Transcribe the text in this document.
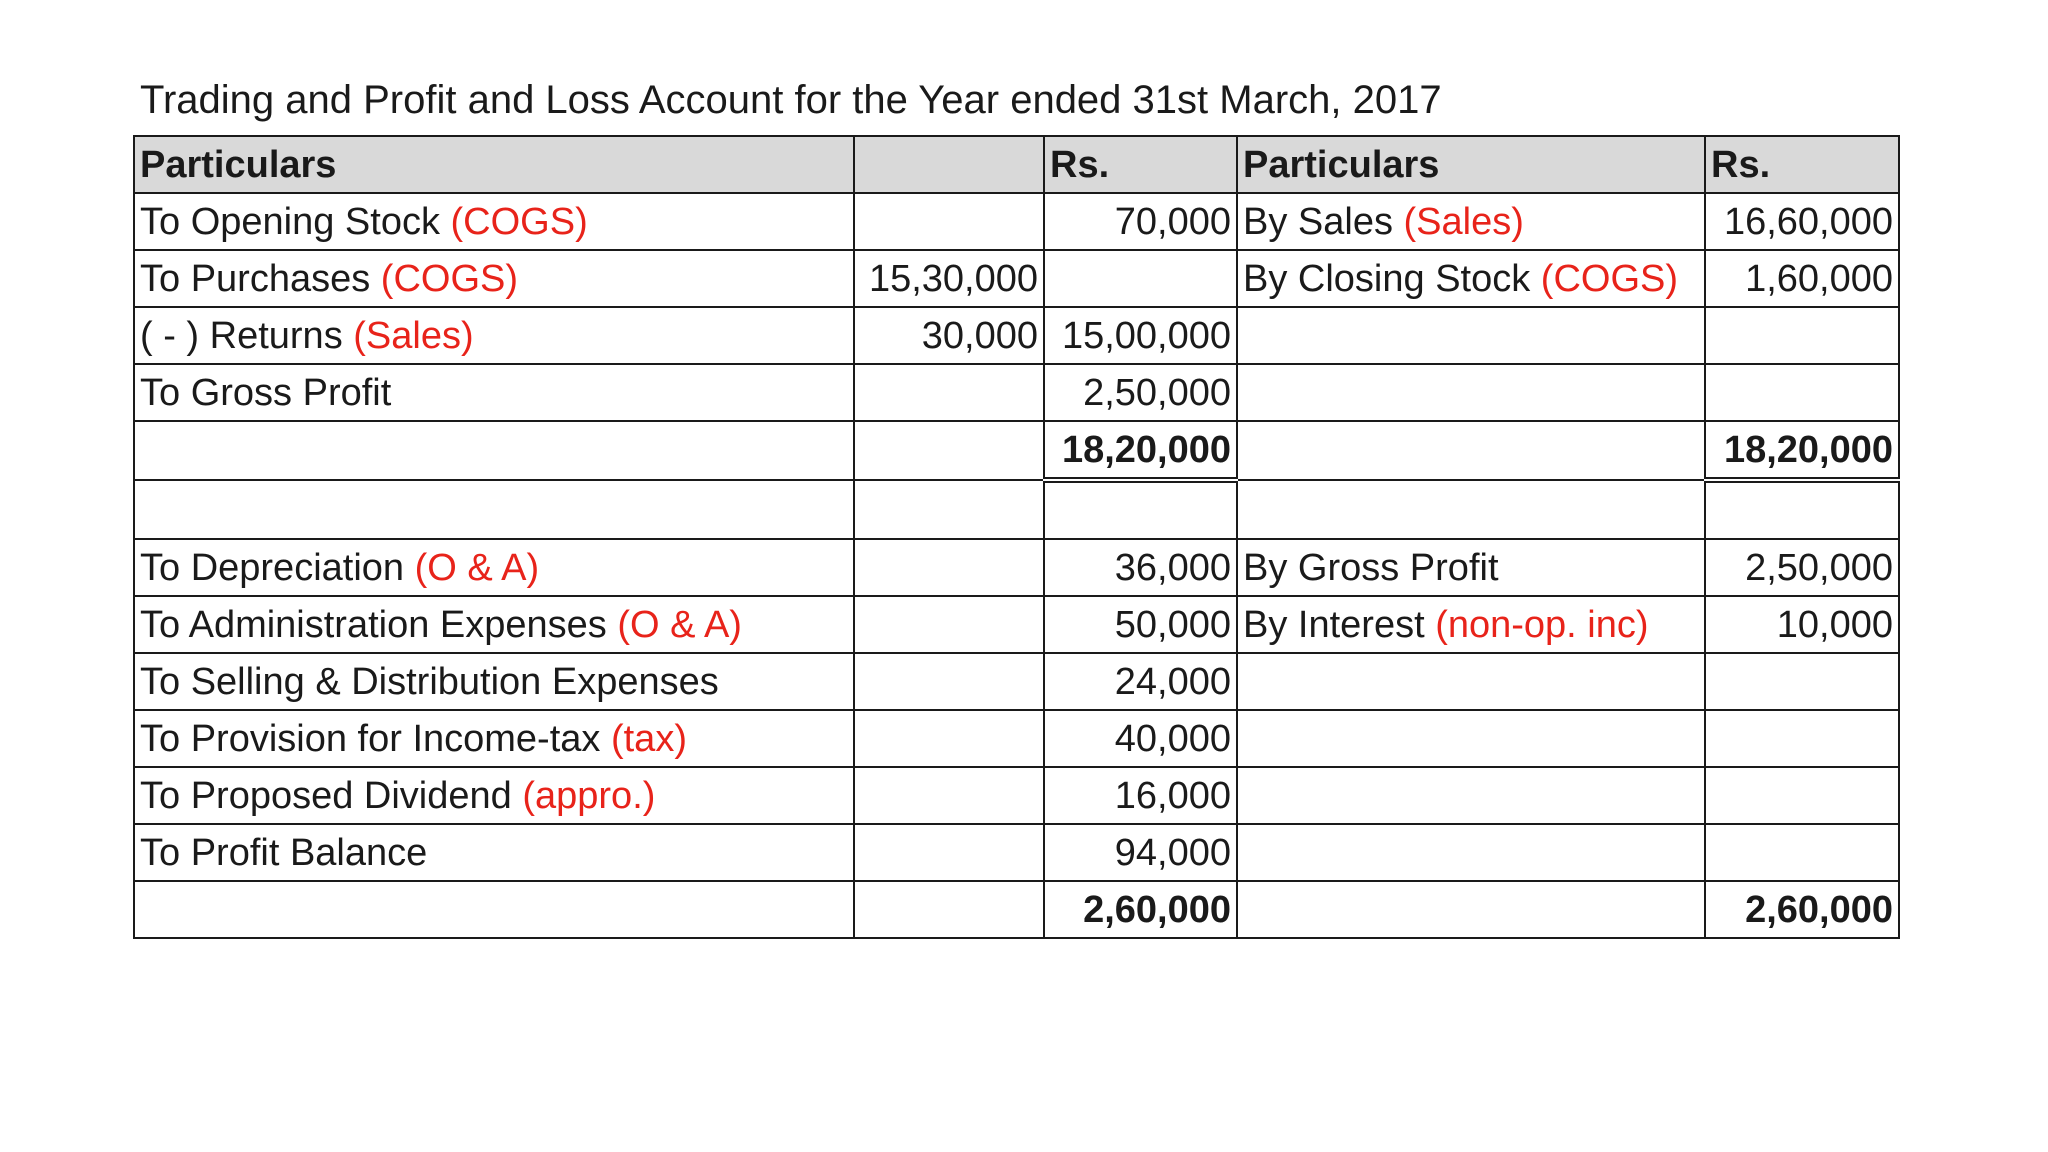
Trading and Profit and Loss Account for the Year ended 31st March, 2017
Particulars		Rs.	Particulars	Rs.
To Opening Stock (COGS)		70,000	By Sales (Sales)	16,60,000
To Purchases (COGS)	15,30,000		By Closing Stock (COGS)	1,60,000
( - ) Returns (Sales)	30,000	15,00,000		
To Gross Profit		2,50,000		
		18,20,000		18,20,000

To Depreciation (O & A)		36,000	By Gross Profit	2,50,000
To Administration Expenses (O & A)		50,000	By Interest (non-op. inc)	10,000
To Selling & Distribution Expenses		24,000		
To Provision for Income-tax (tax)		40,000		
To Proposed Dividend (appro.)		16,000		
To Profit Balance		94,000		
		2,60,000		2,60,000
